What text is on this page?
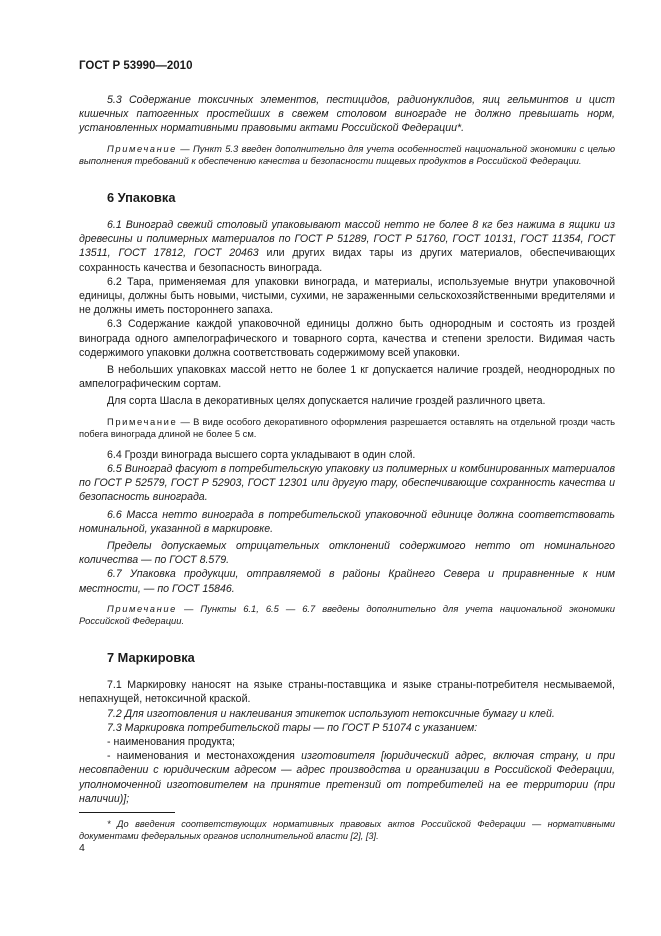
ГОСТ Р 53990—2010

5.3 Содержание токсичных элементов, пестицидов, радионуклидов, яиц гельминтов и цист кишечных патогенных простейших в свежем столовом винограде не должно превышать норм, установленных нормативными правовыми актами Российской Федерации*.

Примечание — Пункт 5.3 введен дополнительно для учета особенностей национальной экономики с целью выполнения требований к обеспечению качества и безопасности пищевых продуктов в Российской Федерации.

6 Упаковка

6.1 Виноград свежий столовый упаковывают массой нетто не более 8 кг без нажима в ящики из древесины и полимерных материалов по ГОСТ Р 51289, ГОСТ Р 51760, ГОСТ 10131, ГОСТ 11354, ГОСТ 13511, ГОСТ 17812, ГОСТ 20463 или других видах тары из других материалов, обеспечивающих сохранность качества и безопасность винограда.

6.2 Тара, применяемая для упаковки винограда, и материалы, используемые внутри упаковочной единицы, должны быть новыми, чистыми, сухими, не зараженными сельскохозяйственными вредителями и не должны иметь постороннего запаха.

6.3 Содержание каждой упаковочной единицы должно быть однородным и состоять из гроздей винограда одного ампелографического и товарного сорта, качества и степени зрелости. Видимая часть содержимого упаковки должна соответствовать содержимому всей упаковки.

В небольших упаковках массой нетто не более 1 кг допускается наличие гроздей, неоднородных по ампелографическим сортам.

Для сорта Шасла в декоративных целях допускается наличие гроздей различного цвета.

Примечание — В виде особого декоративного оформления разрешается оставлять на отдельной грозди часть побега винограда длиной не более 5 см.

6.4 Грозди винограда высшего сорта укладывают в один слой.

6.5 Виноград фасуют в потребительскую упаковку из полимерных и комбинированных материалов по ГОСТ Р 52579, ГОСТ Р 52903, ГОСТ 12301 или другую тару, обеспечивающие сохранность качества и безопасность винограда.

6.6 Масса нетто винограда в потребительской упаковочной единице должна соответствовать номинальной, указанной в маркировке.

Пределы допускаемых отрицательных отклонений содержимого нетто от номинального количества — по ГОСТ 8.579.

6.7 Упаковка продукции, отправляемой в районы Крайнего Севера и приравненные к ним местности, — по ГОСТ 15846.

Примечание — Пункты 6.1, 6.5 — 6.7 введены дополнительно для учета национальной экономики Российской Федерации.

7 Маркировка

7.1 Маркировку наносят на языке страны-поставщика и языке страны-потребителя несмываемой, непахнущей, нетоксичной краской.

7.2 Для изготовления и наклеивания этикеток используют нетоксичные бумагу и клей.

7.3 Маркировка потребительской тары — по ГОСТ Р 51074 с указанием:

- наименования продукта;

- наименования и местонахождения изготовителя [юридический адрес, включая страну, и при несовпадении с юридическим адресом — адрес производства и организации в Российской Федерации, уполномоченной изготовителем на принятие претензий от потребителей на ее территории (при наличии)];

* До введения соответствующих нормативных правовых актов Российской Федерации — нормативными документами федеральных органов исполнительной власти [2], [3].
4
